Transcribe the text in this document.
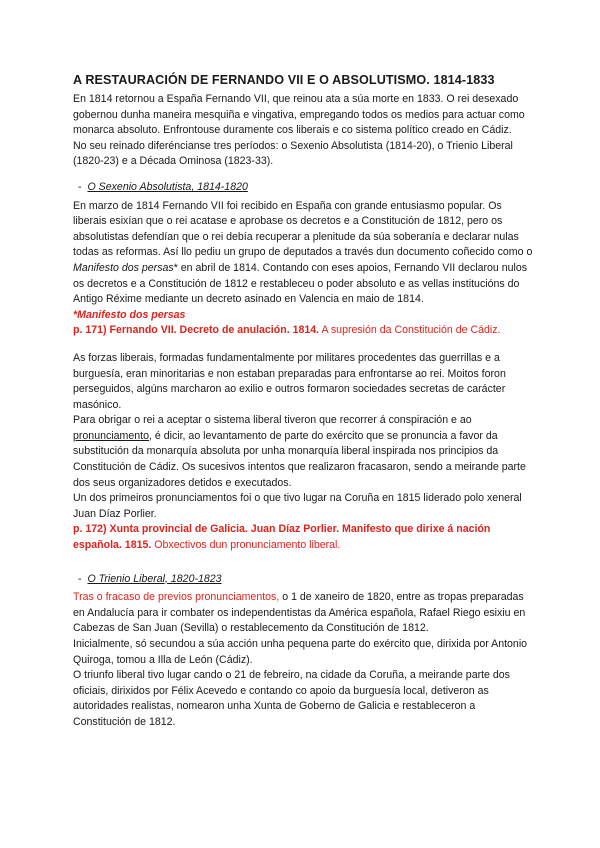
A RESTAURACIÓN DE FERNANDO VII E O ABSOLUTISMO. 1814-1833

En 1814 retornou a España Fernando VII, que reinou ata a súa morte en 1833. O rei desexado gobernou dunha maneira mesquiña e vingativa, empregando todos os medios para actuar como monarca absoluto. Enfrontouse duramente cos liberais e co sistema político creado en Cádiz.

No seu reinado diferéncianse tres períodos: o Sexenio Absolutista (1814-20), o Trienio Liberal (1820-23) e a Década Ominosa (1823-33).

- O Sexenio Absolutista, 1814-1820

En marzo de 1814 Fernando VII foi recibido en España con grande entusiasmo popular. Os liberais esixían que o rei acatase e aprobase os decretos e a Constitución de 1812, pero os absolutistas defendían que o rei debía recuperar a plenitude da súa soberanía e declarar nulas todas as reformas. Así llo pediu un grupo de deputados a través dun documento coñecido como o Manifesto dos persas* en abril de 1814. Contando con eses apoios, Fernando VII declarou nulos os decretos e a Constitución de 1812 e restableceu o poder absoluto e as vellas institucións do Antigo Réxime mediante un decreto asinado en Valencia en maio de 1814.

*Manifesto dos persas

p. 171) Fernando VII. Decreto de anulación. 1814. A supresión da Constitución de Cádiz.

As forzas liberais, formadas fundamentalmente por militares procedentes das guerrillas e a burguesía, eran minoritarias e non estaban preparadas para enfrontarse ao rei. Moitos foron perseguidos, algúns marcharon ao exilio e outros formaron sociedades secretas de carácter masónico.

Para obrigar o rei a aceptar o sistema liberal tiveron que recorrer á conspiración e ao pronunciamento, é dicir, ao levantamento de parte do exército que se pronuncia a favor da substitución da monarquía absoluta por unha monarquía liberal inspirada nos principios da Constitución de Cádiz. Os sucesivos intentos que realizaron fracasaron, sendo a meirande parte dos seus organizadores detidos e executados.

Un dos primeiros pronunciamentos foi o que tivo lugar na Coruña en 1815 liderado polo xeneral Juan Díaz Porlier.

p. 172) Xunta provincial de Galicia. Juan Díaz Porlier. Manifesto que dirixe á nación española. 1815. Obxectivos dun pronunciamento liberal.

- O Trienio Liberal, 1820-1823

Tras o fracaso de previos pronunciamentos, o 1 de xaneiro de 1820, entre as tropas preparadas en Andalucía para ir combater os independentistas da América española, Rafael Riego esixiu en Cabezas de San Juan (Sevilla) o restablecemento da Constitución de 1812.

Inicialmente, só secundou a súa acción unha pequena parte do exército que, dirixida por Antonio Quiroga, tomou a Illa de León (Cádiz).

O triunfo liberal tivo lugar cando o 21 de febreiro, na cidade da Coruña, a meirande parte dos oficiais, dirixidos por Félix Acevedo e contando co apoio da burguesía local, detiveron as autoridades realistas, nomearon unha Xunta de Goberno de Galicia e restableceron a Constitución de 1812.
